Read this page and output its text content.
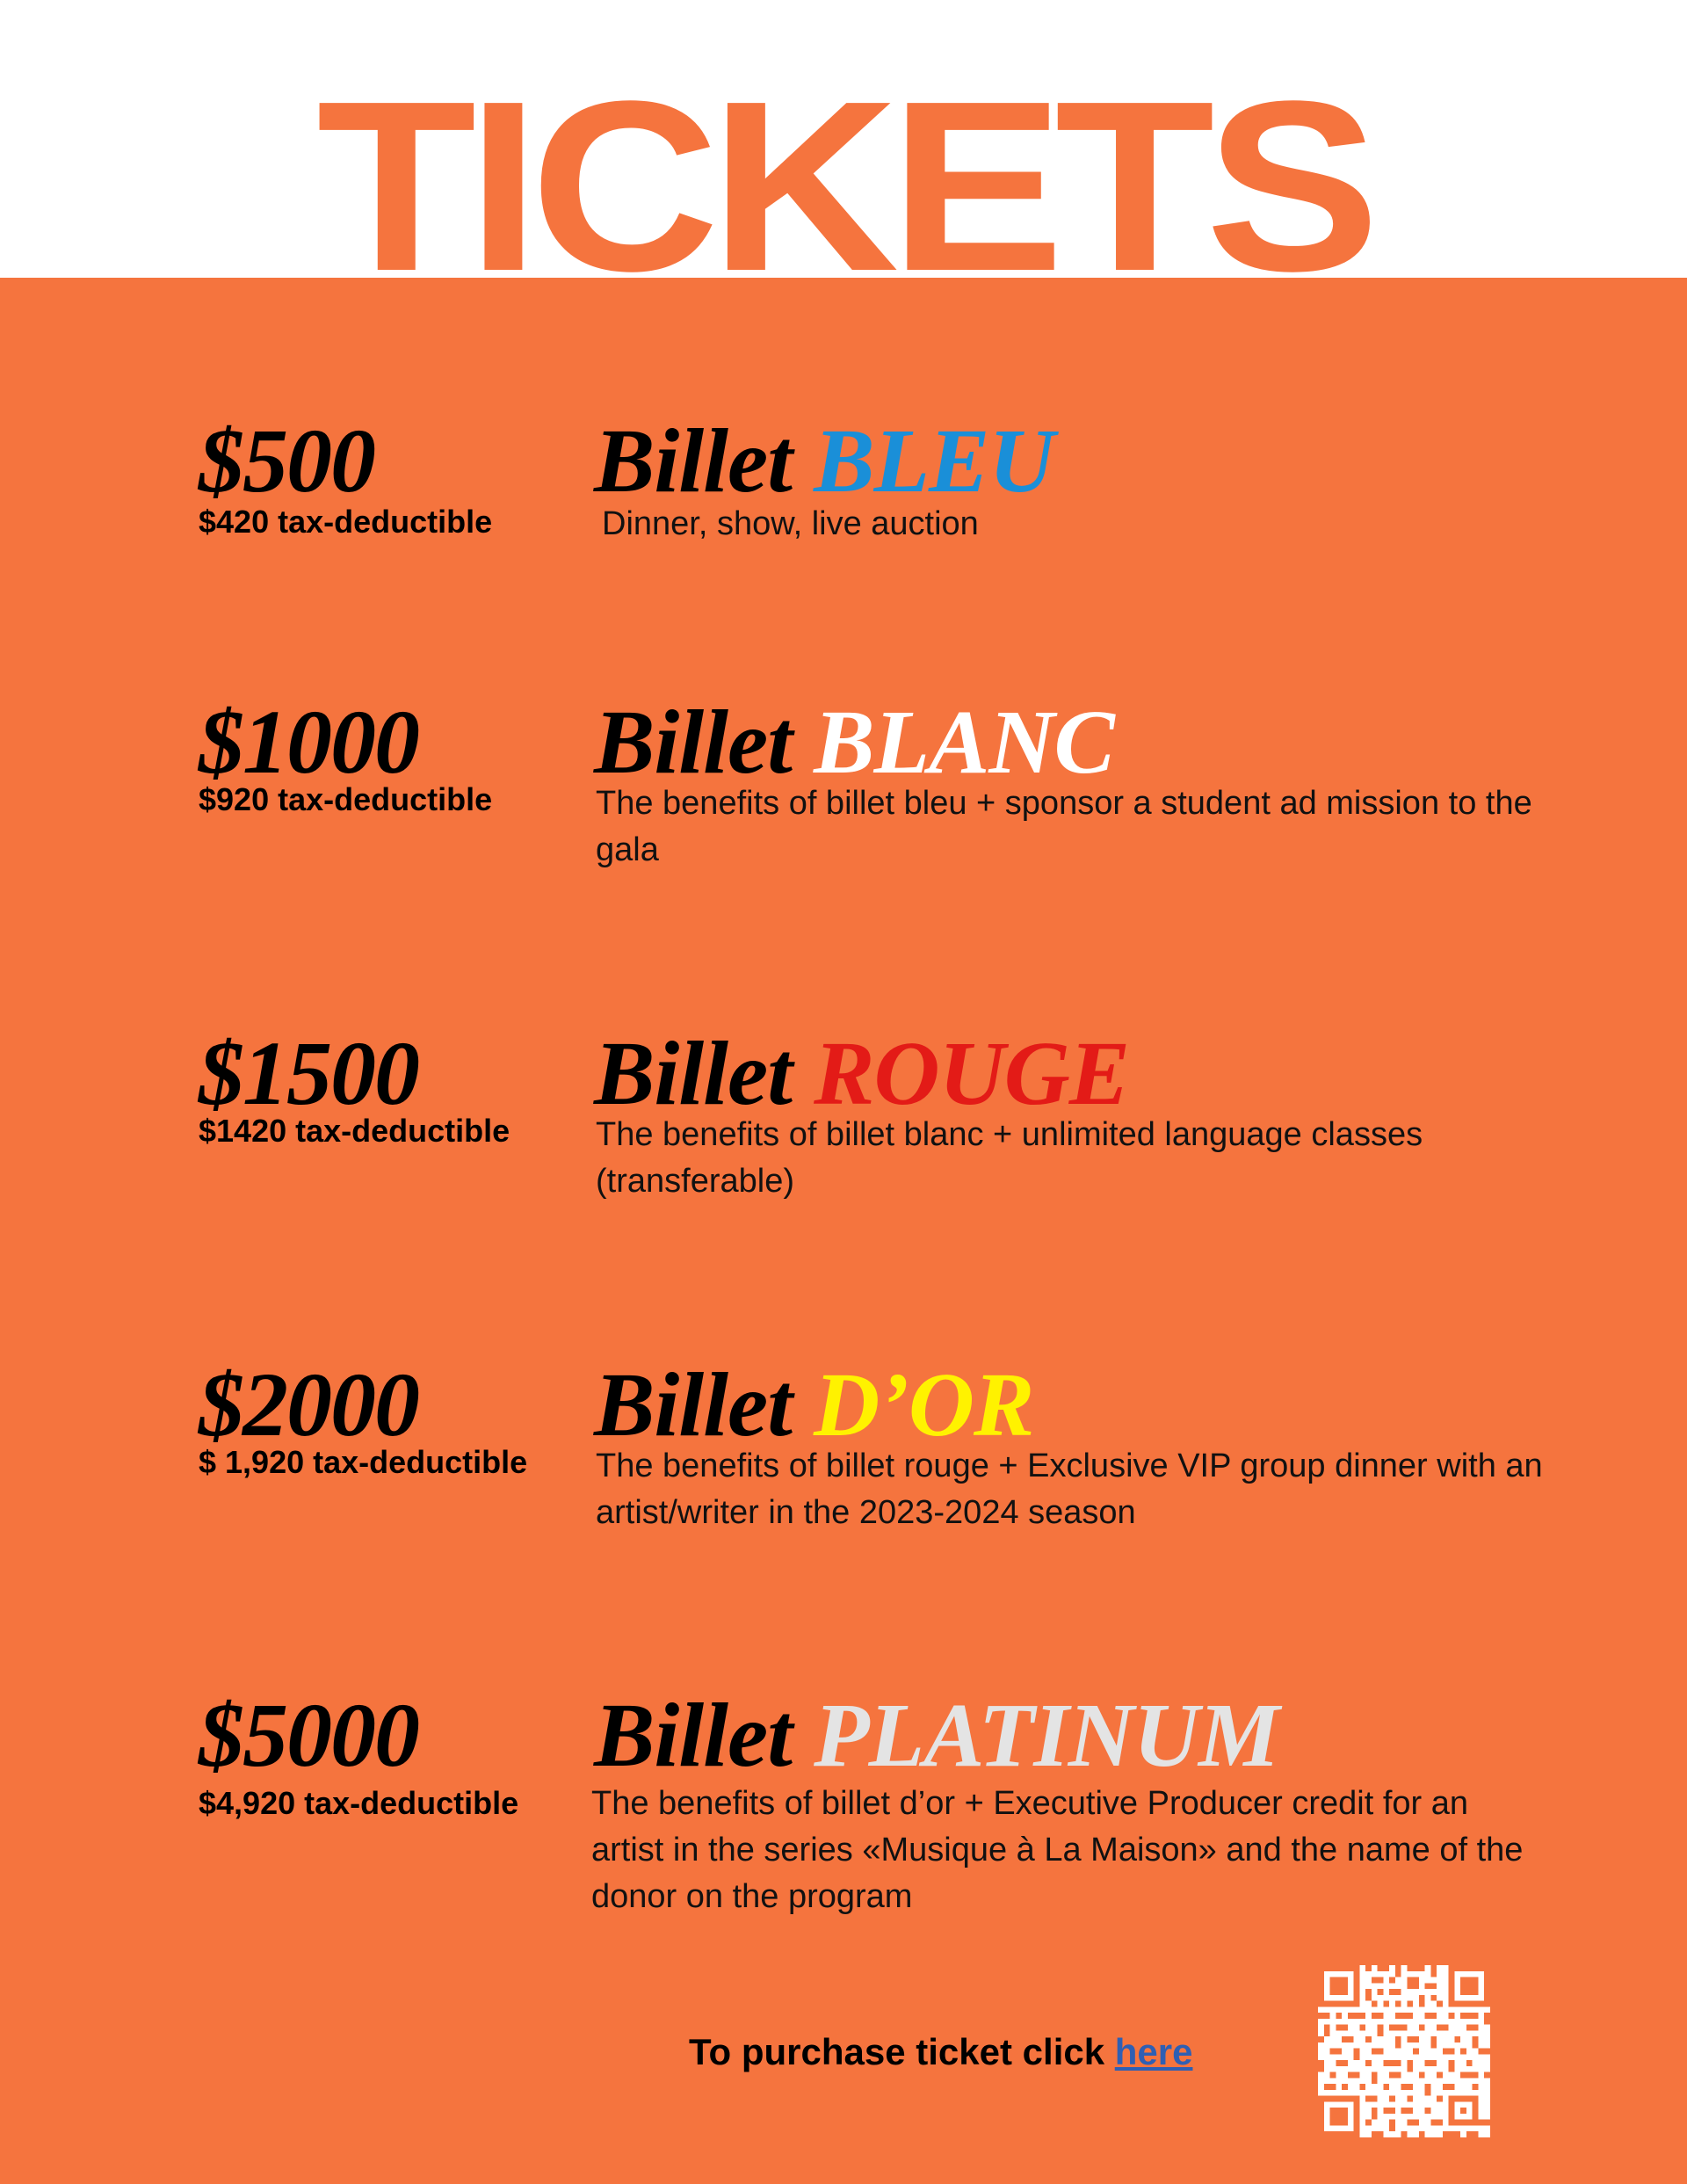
TICKETS
$500
$420 tax-deductible
Billet BLEU
Dinner, show, live auction
$1000
$920 tax-deductible
Billet BLANC
The benefits of billet bleu + sponsor a student ad mission to the gala
$1500
$1420 tax-deductible
Billet ROUGE
The benefits of billet blanc + unlimited language classes (transferable)
$2000
$ 1,920 tax-deductible
Billet D’OR
The benefits of billet rouge + Exclusive VIP group dinner with an artist/writer in the 2023-2024 season
$5000
$4,920 tax-deductible
Billet PLATINUM
The benefits of billet d’or + Executive Producer credit for an artist in the series «Musique à La Maison» and the name of the donor on the program
To purchase ticket click here
